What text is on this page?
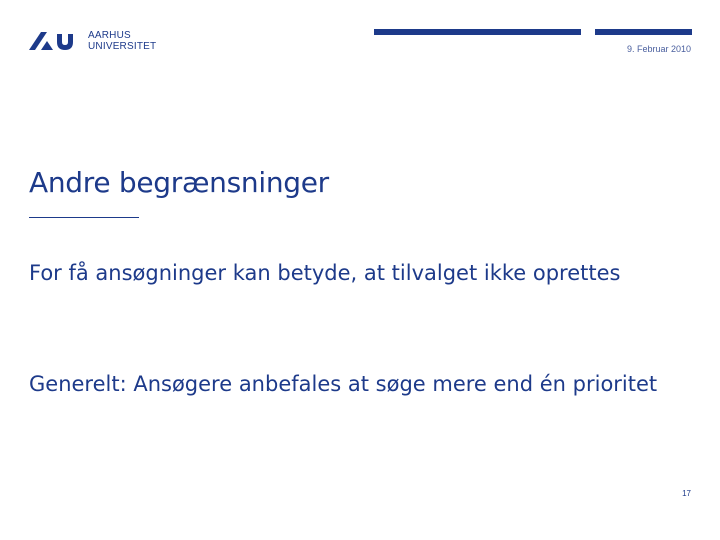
AARHUS
UNIVERSITET	9. Februar 2010
Andre begrænsninger
For få ansøgninger kan betyde, at tilvalget ikke oprettes
Generelt: Ansøgere anbefales at søge mere end én prioritet
17
